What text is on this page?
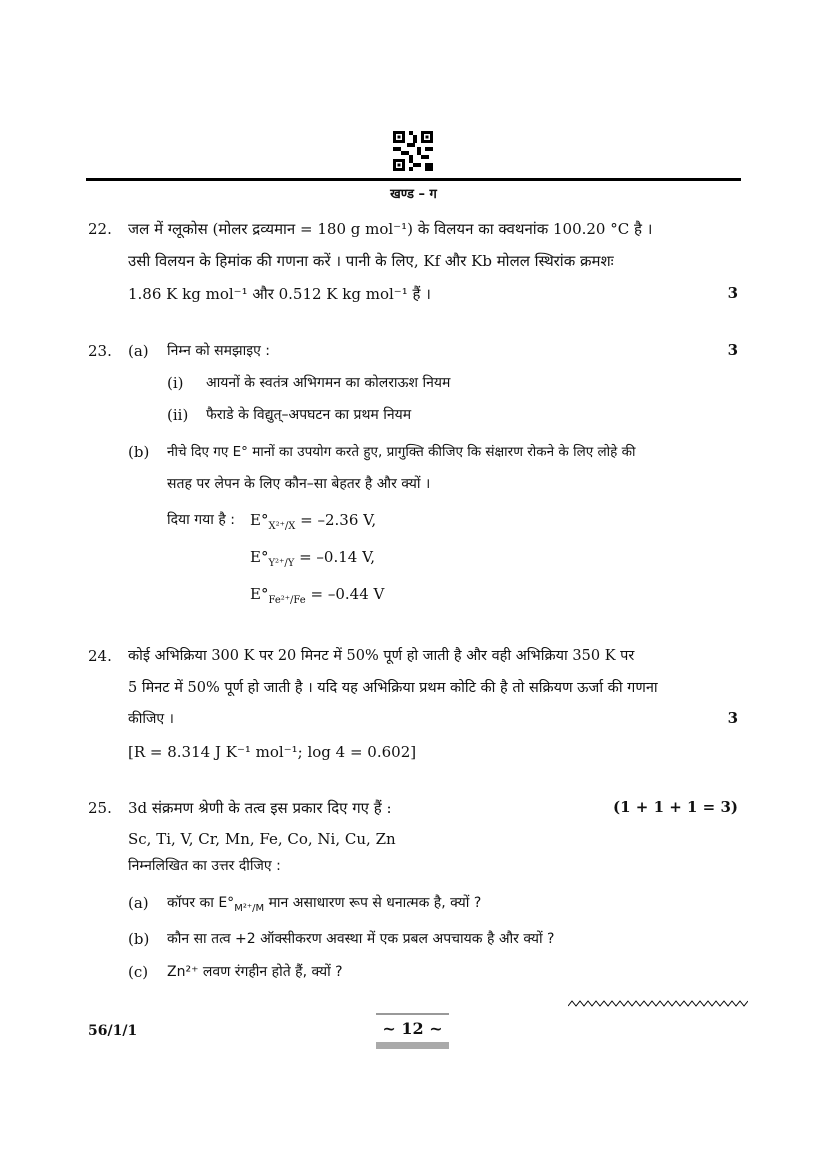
खण्ड – ग
22. जल में ग्लूकोस (मोलर द्रव्यमान = 180 g mol⁻¹) के विलयन का क्वथनांक 100.20 °C है ।
उसी विलयन के हिमांक की गणना करें । पानी के लिए, Kf और Kb मोलल स्थिरांक क्रमशः
1.86 K kg mol⁻¹ और 0.512 K kg mol⁻¹ हैं ।	3
23. (a) निम्न को समझाइए :	3
(i) आयनों के स्वतंत्र अभिगमन का कोलराऊश नियम
(ii) फैराडे के विद्युत्–अपघटन का प्रथम नियम
(b) नीचे दिए गए E° मानों का उपयोग करते हुए, प्रागुक्ति कीजिए कि संक्षारण रोकने के लिए लोहे की
सतह पर लेपन के लिए कौन–सा बेहतर है और क्यों ।
दिया गया है : $E^\circ_{X^{2+}/X} = -2.36$ V,
$E^\circ_{Y^{2+}/Y} = -0.14$ V,
$E^\circ_{Fe^{2+}/Fe} = -0.44$ V
24. कोई अभिक्रिया 300 K पर 20 मिनट में 50% पूर्ण हो जाती है और वही अभिक्रिया 350 K पर
5 मिनट में 50% पूर्ण हो जाती है । यदि यह अभिक्रिया प्रथम कोटि की है तो सक्रियण ऊर्जा की गणना
कीजिए ।	3
[R = 8.314 J K⁻¹ mol⁻¹; log 4 = 0.602]
25. 3d संक्रमण श्रेणी के तत्व इस प्रकार दिए गए हैं :	(1 + 1 + 1 = 3)
Sc, Ti, V, Cr, Mn, Fe, Co, Ni, Cu, Zn
निम्नलिखित का उत्तर दीजिए :
(a) कॉपर का $E^\circ_{M^{2+}/M}$ मान असाधारण रूप से धनात्मक है, क्यों ?
(b) कौन सा तत्व +2 ऑक्सीकरण अवस्था में एक प्रबल अपचायक है और क्यों ?
(c) Zn²⁺ लवण रंगहीन होते हैं, क्यों ?
56/1/1	~ 12 ~
